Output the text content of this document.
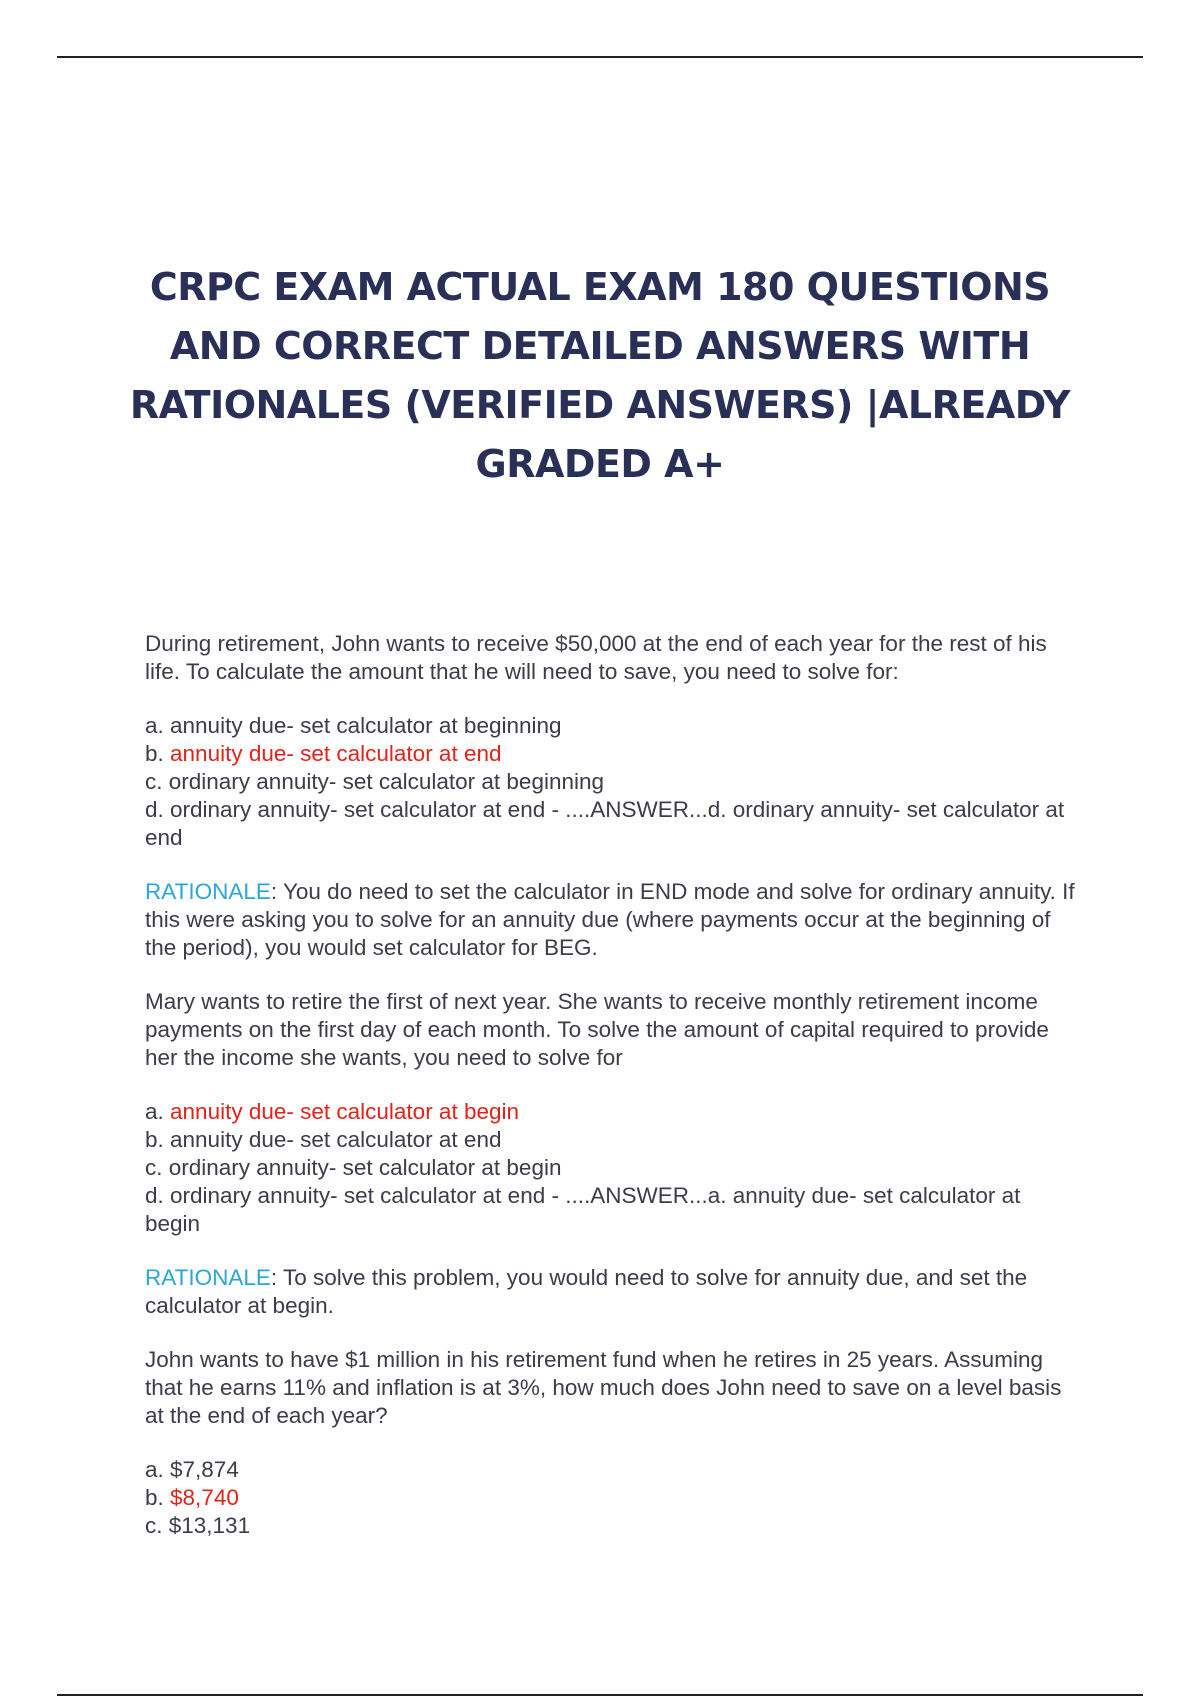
CRPC EXAM ACTUAL EXAM 180 QUESTIONS AND CORRECT DETAILED ANSWERS WITH RATIONALES (VERIFIED ANSWERS) |ALREADY GRADED A+

During retirement, John wants to receive $50,000 at the end of each year for the rest of his life. To calculate the amount that he will need to save, you need to solve for:

a. annuity due- set calculator at beginning
b. annuity due- set calculator at end
c. ordinary annuity- set calculator at beginning
d. ordinary annuity- set calculator at end - ....ANSWER...d. ordinary annuity- set calculator at end

RATIONALE: You do need to set the calculator in END mode and solve for ordinary annuity. If this were asking you to solve for an annuity due (where payments occur at the beginning of the period), you would set calculator for BEG.

Mary wants to retire the first of next year. She wants to receive monthly retirement income payments on the first day of each month. To solve the amount of capital required to provide her the income she wants, you need to solve for

a. annuity due- set calculator at begin
b. annuity due- set calculator at end
c. ordinary annuity- set calculator at begin
d. ordinary annuity- set calculator at end - ....ANSWER...a. annuity due- set calculator at begin

RATIONALE: To solve this problem, you would need to solve for annuity due, and set the calculator at begin.

John wants to have $1 million in his retirement fund when he retires in 25 years. Assuming that he earns 11% and inflation is at 3%, how much does John need to save on a level basis at the end of each year?

a. $7,874
b. $8,740
c. $13,131
